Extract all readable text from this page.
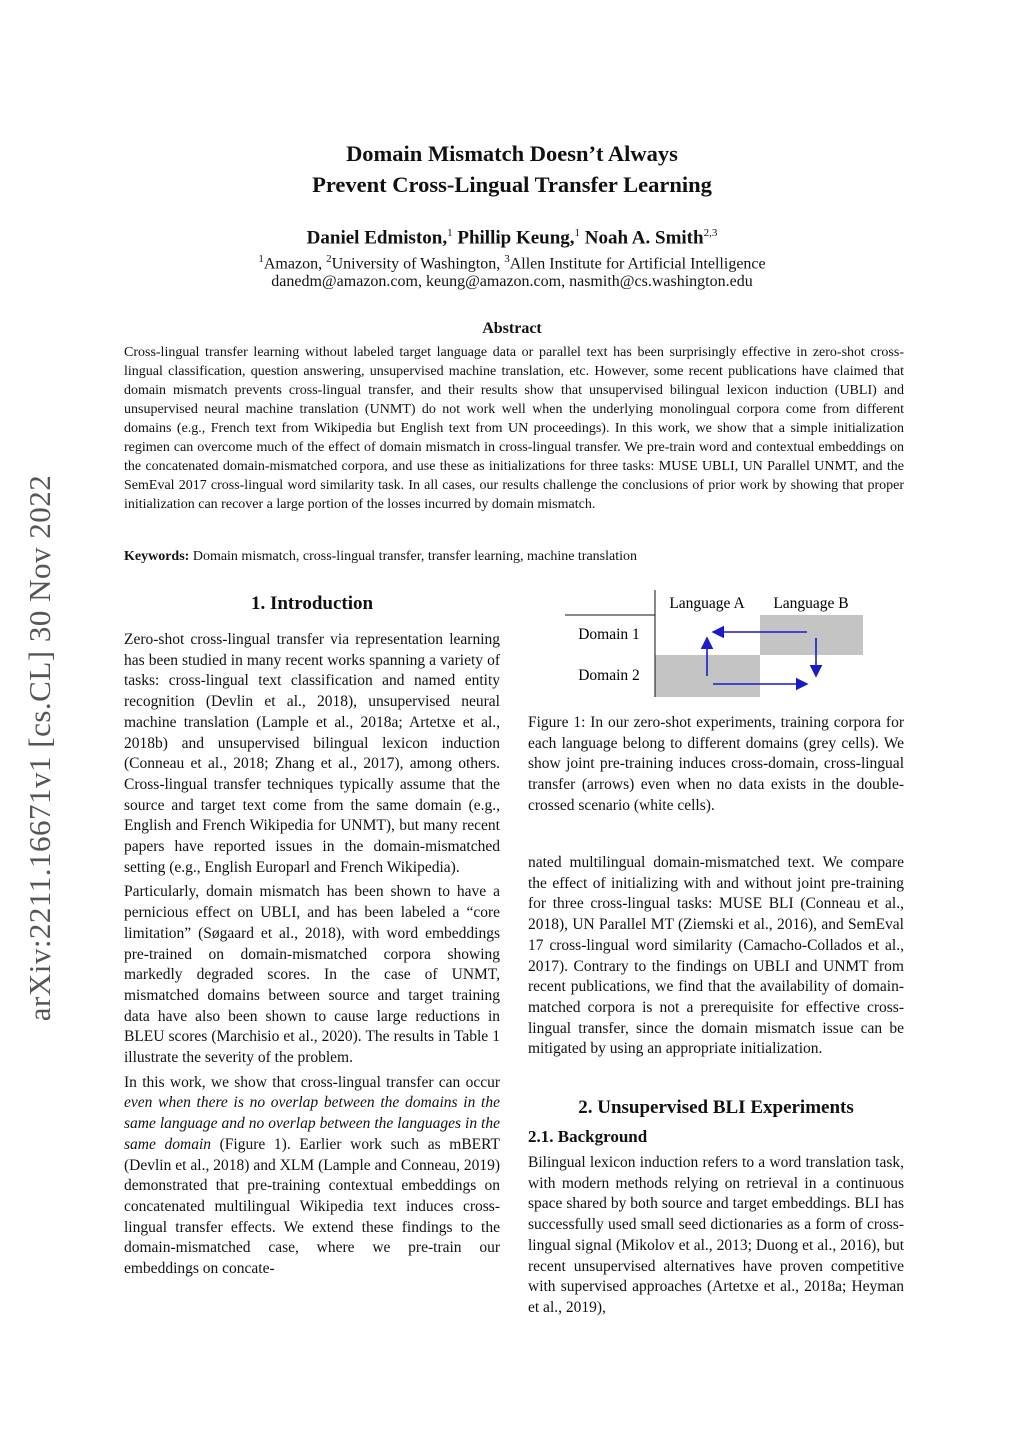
arXiv:2211.16671v1 [cs.CL] 30 Nov 2022
Domain Mismatch Doesn’t Always
Prevent Cross-Lingual Transfer Learning
Daniel Edmiston,$^1$ Phillip Keung,$^1$ Noah A. Smith$^{2,3}$
$^1$Amazon, $^2$University of Washington, $^3$Allen Institute for Artificial Intelligence
danedm@amazon.com, keung@amazon.com, nasmith@cs.washington.edu
Abstract
Cross-lingual transfer learning without labeled target language data or parallel text has been surprisingly effective in zero-shot cross-lingual classification, question answering, unsupervised machine translation, etc. However, some recent publications have claimed that domain mismatch prevents cross-lingual transfer, and their results show that unsupervised bilingual lexicon induction (UBLI) and unsupervised neural machine translation (UNMT) do not work well when the underlying monolingual corpora come from different domains (e.g., French text from Wikipedia but English text from UN proceedings). In this work, we show that a simple initialization regimen can overcome much of the effect of domain mismatch in cross-lingual transfer. We pre-train word and contextual embeddings on the concatenated domain-mismatched corpora, and use these as initializations for three tasks: MUSE UBLI, UN Parallel UNMT, and the SemEval 2017 cross-lingual word similarity task. In all cases, our results challenge the conclusions of prior work by showing that proper initialization can recover a large portion of the losses incurred by domain mismatch.
Keywords: Domain mismatch, cross-lingual transfer, transfer learning, machine translation
1. Introduction

Zero-shot cross-lingual transfer via representation learning has been studied in many recent works spanning a variety of tasks: cross-lingual text classification and named entity recognition (Devlin et al., 2018), unsupervised neural machine translation (Lample et al., 2018a; Artetxe et al., 2018b) and unsupervised bilingual lexicon induction (Conneau et al., 2018; Zhang et al., 2017), among others. Cross-lingual transfer techniques typically assume that the source and target text come from the same domain (e.g., English and French Wikipedia for UNMT), but many recent papers have reported issues in the domain-mismatched setting (e.g., English Europarl and French Wikipedia).

Particularly, domain mismatch has been shown to have a pernicious effect on UBLI, and has been labeled a “core limitation” (Søgaard et al., 2018), with word embeddings pre-trained on domain-mismatched corpora showing markedly degraded scores. In the case of UNMT, mismatched domains between source and target training data have also been shown to cause large reductions in BLEU scores (Marchisio et al., 2020). The results in Table 1 illustrate the severity of the problem.

In this work, we show that cross-lingual transfer can occur even when there is no overlap between the domains in the same language and no overlap between the languages in the same domain (Figure 1). Earlier work such as mBERT (Devlin et al., 2018) and XLM (Lample and Conneau, 2019) demonstrated that pre-training contextual embeddings on concatenated multilingual Wikipedia text induces cross-lingual transfer effects. We extend these findings to the domain-mismatched case, where we pre-train our embeddings on concate-

Language A Language B
Domain 1
Domain 2
Figure 1: In our zero-shot experiments, training corpora for each language belong to different domains (grey cells). We show joint pre-training induces cross-domain, cross-lingual transfer (arrows) even when no data exists in the double-crossed scenario (white cells).

nated multilingual domain-mismatched text. We compare the effect of initializing with and without joint pre-training for three cross-lingual tasks: MUSE BLI (Conneau et al., 2018), UN Parallel MT (Ziemski et al., 2016), and SemEval 17 cross-lingual word similarity (Camacho-Collados et al., 2017). Contrary to the findings on UBLI and UNMT from recent publications, we find that the availability of domain-matched corpora is not a prerequisite for effective cross-lingual transfer, since the domain mismatch issue can be mitigated by using an appropriate initialization.

2. Unsupervised BLI Experiments
2.1. Background

Bilingual lexicon induction refers to a word translation task, with modern methods relying on retrieval in a continuous space shared by both source and target embeddings. BLI has successfully used small seed dictionaries as a form of cross-lingual signal (Mikolov et al., 2013; Duong et al., 2016), but recent unsupervised alternatives have proven competitive with supervised approaches (Artetxe et al., 2018a; Heyman et al., 2019),
